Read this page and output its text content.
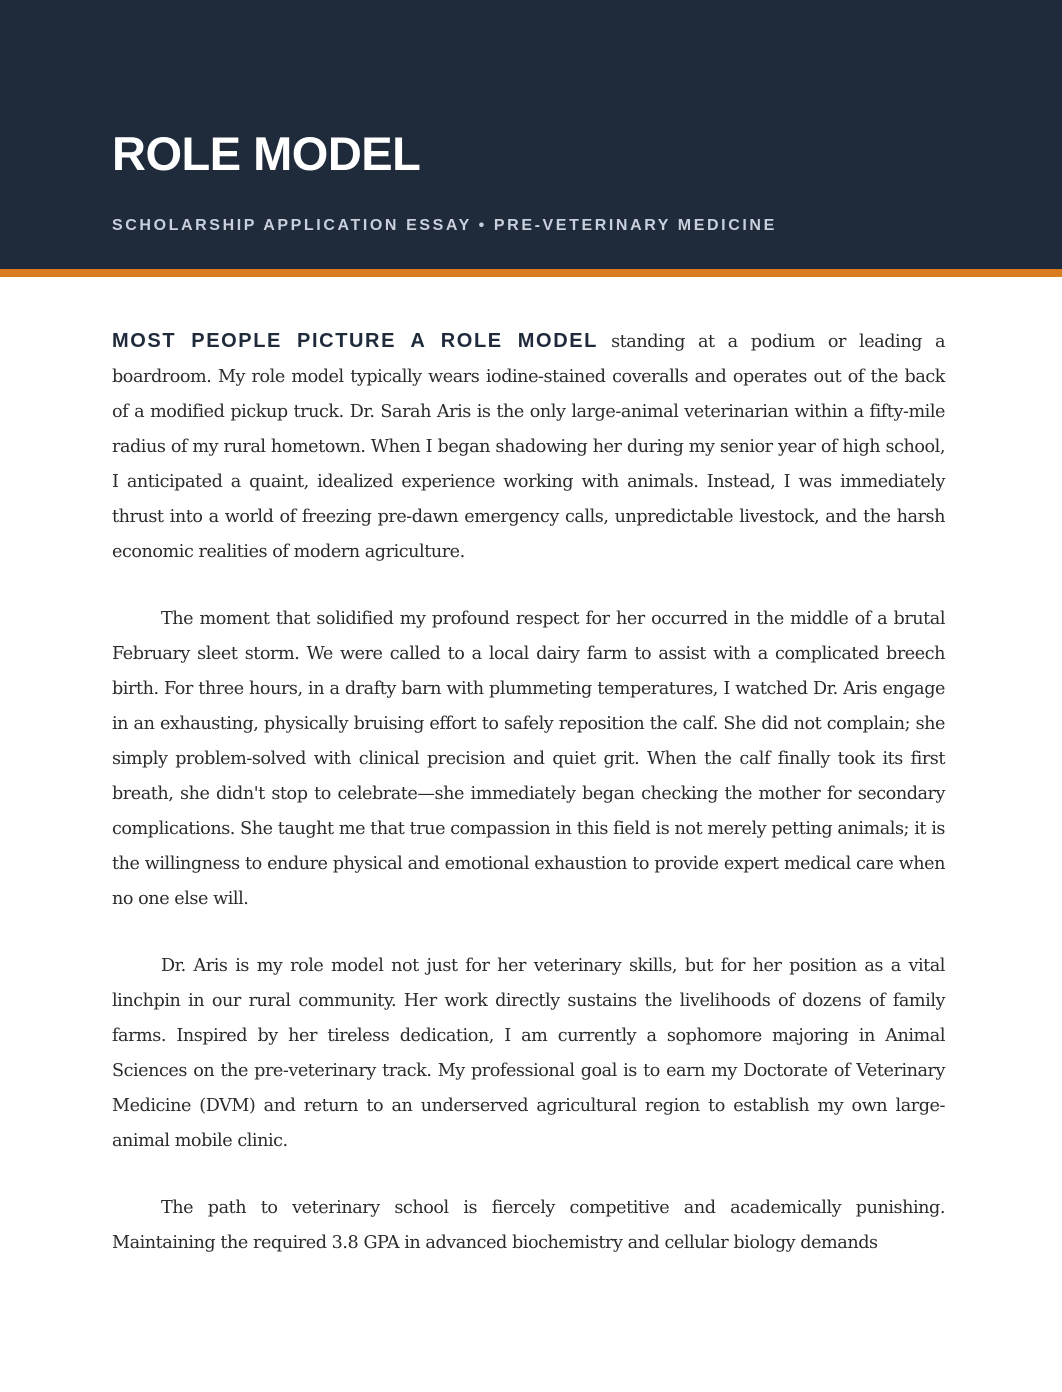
ROLE MODEL
SCHOLARSHIP APPLICATION ESSAY • PRE-VETERINARY MEDICINE

MOST PEOPLE PICTURE A ROLE MODEL standing at a podium or leading a boardroom. My role model typically wears iodine-stained coveralls and operates out of the back of a modified pickup truck. Dr. Sarah Aris is the only large-animal veterinarian within a fifty-mile radius of my rural hometown. When I began shadowing her during my senior year of high school, I anticipated a quaint, idealized experience working with animals. Instead, I was immediately thrust into a world of freezing pre-dawn emergency calls, unpredictable livestock, and the harsh economic realities of modern agriculture.

The moment that solidified my profound respect for her occurred in the middle of a brutal February sleet storm. We were called to a local dairy farm to assist with a complicated breech birth. For three hours, in a drafty barn with plummeting temperatures, I watched Dr. Aris engage in an exhausting, physically bruising effort to safely reposition the calf. She did not complain; she simply problem-solved with clinical precision and quiet grit. When the calf finally took its first breath, she didn't stop to celebrate—she immediately began checking the mother for secondary complications. She taught me that true compassion in this field is not merely petting animals; it is the willingness to endure physical and emotional exhaustion to provide expert medical care when no one else will.

Dr. Aris is my role model not just for her veterinary skills, but for her position as a vital linchpin in our rural community. Her work directly sustains the livelihoods of dozens of family farms. Inspired by her tireless dedication, I am currently a sophomore majoring in Animal Sciences on the pre-veterinary track. My professional goal is to earn my Doctorate of Veterinary Medicine (DVM) and return to an underserved agricultural region to establish my own large-animal mobile clinic.

The path to veterinary school is fiercely competitive and academically punishing. Maintaining the required 3.8 GPA in advanced biochemistry and cellular biology demands
